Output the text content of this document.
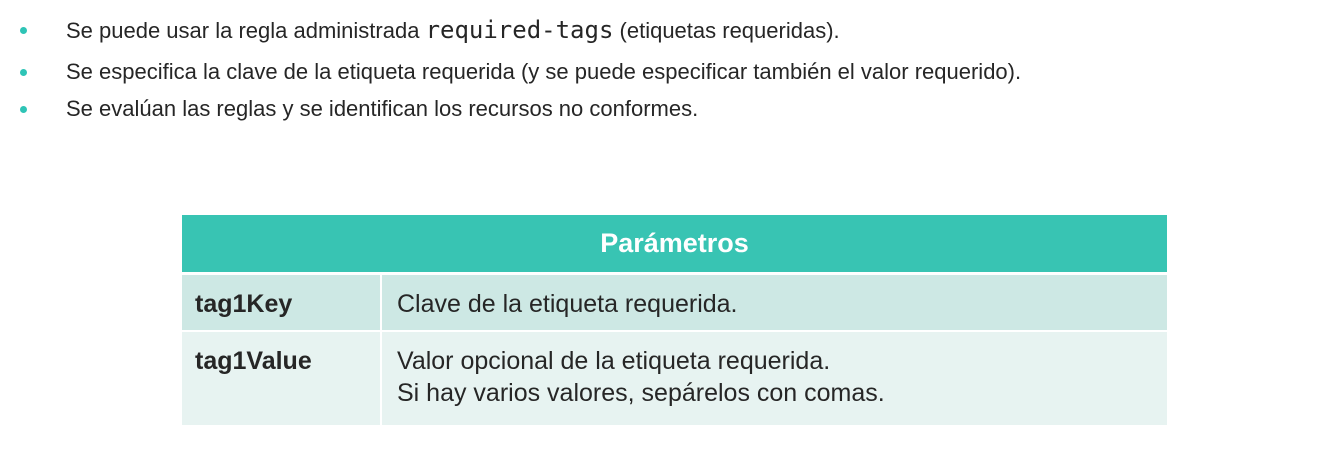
Se puede usar la regla administrada required-tags (etiquetas requeridas).
Se especifica la clave de la etiqueta requerida (y se puede especificar también el valor requerido).
Se evalúan las reglas y se identifican los recursos no conformes.
Parámetros	
tag1Key	Clave de la etiqueta requerida.

tag1Value	Valor opcional de la etiqueta requerida.
Si hay varios valores, sepárelos con comas.
